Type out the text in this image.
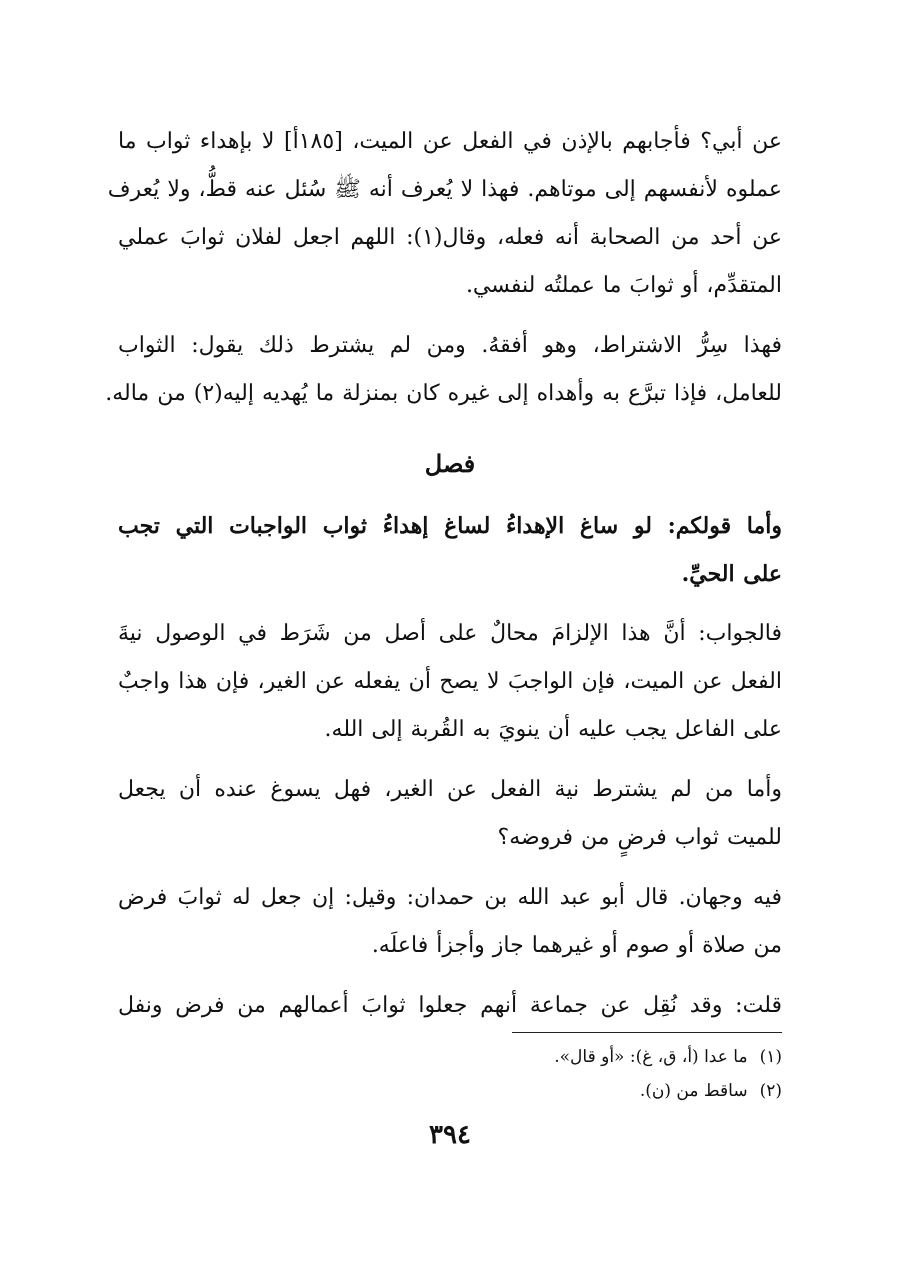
عن أبي؟ فأجابهم بالإذن في الفعل عن الميت، [١٨٥أ] لا بإهداء ثواب ما
عملوه لأنفسهم إلى موتاهم. فهذا لا يُعرف أنه ﷺ سُئل عنه قطُّ، ولا يُعرف
عن أحد من الصحابة أنه فعله، وقال(١): اللهم اجعل لفلان ثوابَ عملي
المتقدِّم، أو ثوابَ ما عملتُه لنفسي.
فهذا سِرُّ الاشتراط، وهو أفقهُ. ومن لم يشترط ذلك يقول: الثواب
للعامل، فإذا تبرَّع به وأهداه إلى غيره كان بمنزلة ما يُهديه إليه(٢) من ماله.
فصل
وأما قولكم: لو ساغ الإهداءُ لساغ إهداءُ ثواب الواجبات التي تجب
على الحيِّ.
فالجواب: أنَّ هذا الإلزامَ محالٌ على أصل من شَرَط في الوصول نيةَ
الفعل عن الميت، فإن الواجبَ لا يصح أن يفعله عن الغير، فإن هذا واجبٌ
على الفاعل يجب عليه أن ينويَ به القُربة إلى الله.
وأما من لم يشترط نية الفعل عن الغير، فهل يسوغ عنده أن يجعل
للميت ثواب فرضٍ من فروضه؟
فيه وجهان. قال أبو عبد الله بن حمدان: وقيل: إن جعل له ثوابَ فرض
من صلاة أو صوم أو غيرهما جاز وأجزأ فاعلَه.
قلت: وقد نُقِل عن جماعة أنهم جعلوا ثوابَ أعمالهم من فرض ونفل
(١)ما عدا (أ، ق، غ): «أو قال».
(٢)ساقط من (ن).
٣٩٤
